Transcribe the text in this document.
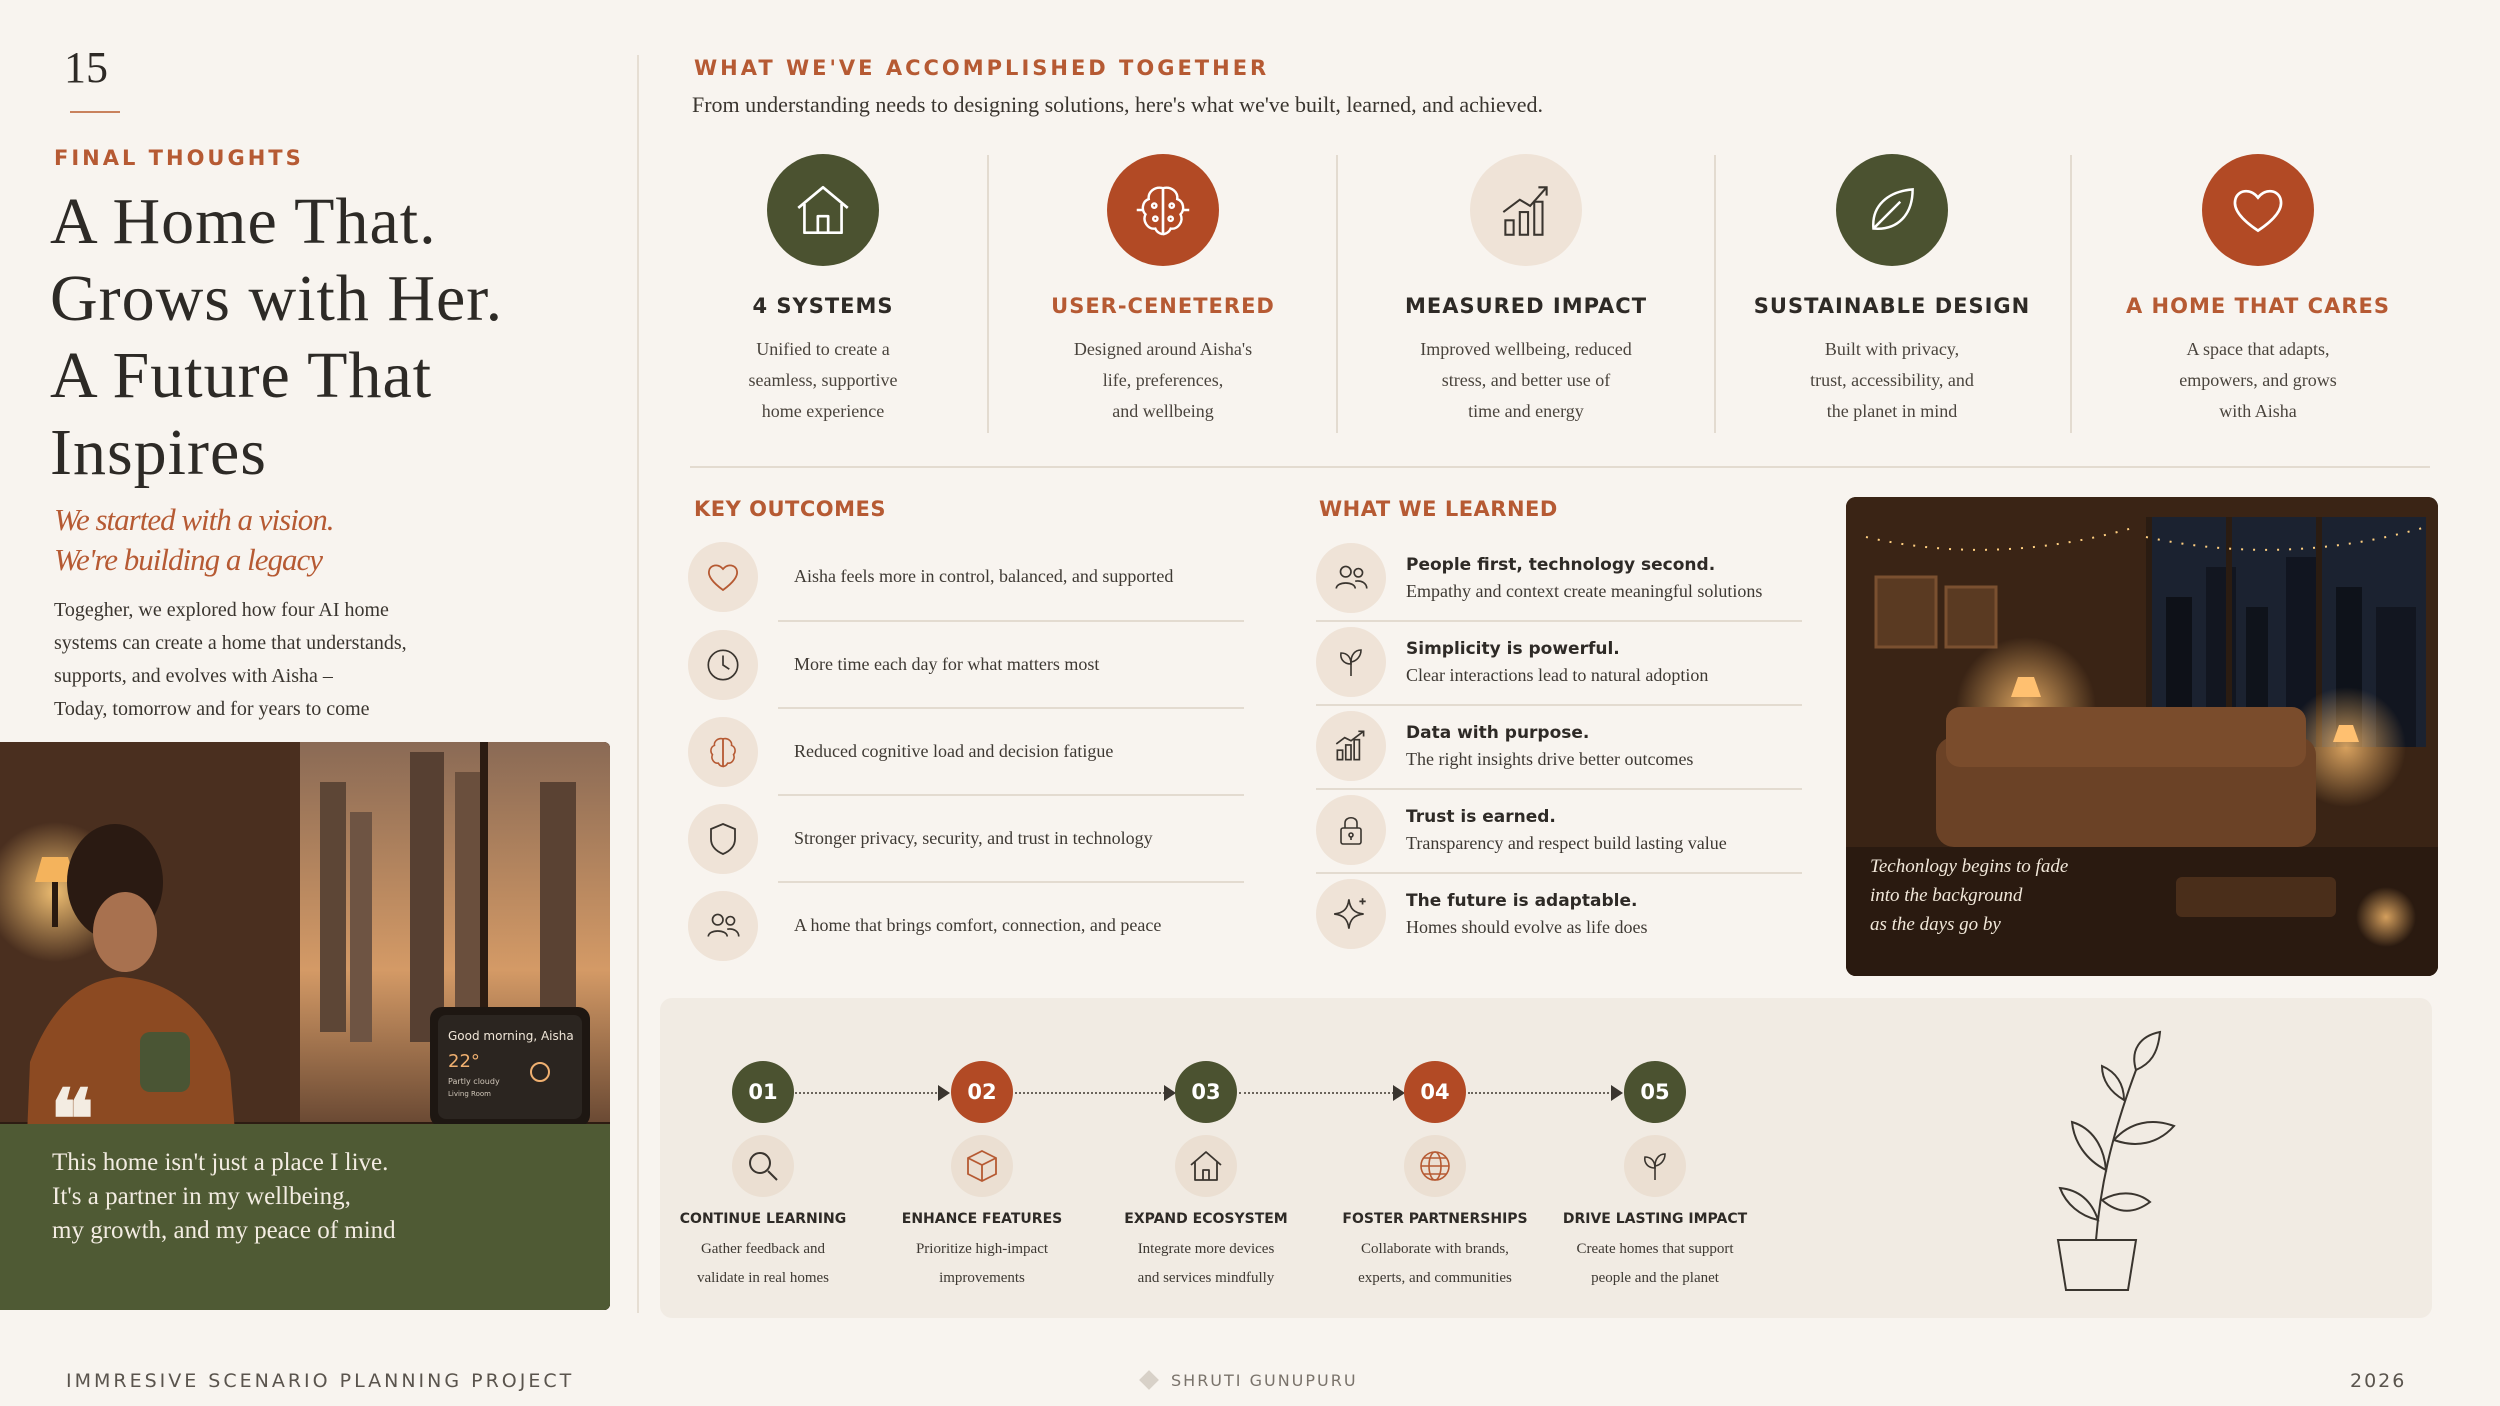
15
FINAL THOUGHTS
A Home That.
Grows with Her.
A Future That
Inspires
We started with a vision.
We're building a legacy
Togegher, we explored how four AI home
systems can create a home that understands,
supports, and evolves with Aisha –
Today, tomorrow and for years to come
Good morning, Aisha
22°
Partly cloudy
Living Room
❝
This home isn't just a place I live.
It's a partner in my wellbeing,
my growth, and my peace of mind
WHAT WE'VE ACCOMPLISHED TOGETHER
From understanding needs to designing solutions, here's what we've built, learned, and achieved.
4 SYSTEMS
Unified to create a
seamless, supportive
home experience
USER-CENETERED
Designed around Aisha's
life, preferences,
and wellbeing
MEASURED IMPACT
Improved wellbeing, reduced
stress, and better use of
time and energy
SUSTAINABLE DESIGN
Built with privacy,
trust, accessibility, and
the planet in mind
A HOME THAT CARES
A space that adapts,
empowers, and grows
with Aisha
KEY OUTCOMES
Aisha feels more in control, balanced, and supported
More time each day for what matters most
Reduced cognitive load and decision fatigue
Stronger privacy, security, and trust in technology
A home that brings comfort, connection, and peace
WHAT WE LEARNED
People first, technology second.
Empathy and context create meaningful solutions
Simplicity is powerful.
Clear interactions lead to natural adoption
Data with purpose.
The right insights drive better outcomes
Trust is earned.
Transparency and respect build lasting value
The future is adaptable.
Homes should evolve as life does
Techonlogy begins to fade
into the background
as the days go by
01
CONTINUE LEARNING
Gather feedback and
validate in real homes
02
ENHANCE FEATURES
Prioritize high-impact
improvements
03
EXPAND ECOSYSTEM
Integrate more devices
and services mindfully
04
FOSTER PARTNERSHIPS
Collaborate with brands,
experts, and communities
05
DRIVE LASTING IMPACT
Create homes that support
people and the planet
IMMRESIVE SCENARIO PLANNING PROJECT	SHRUTI GUNUPURU	2026
